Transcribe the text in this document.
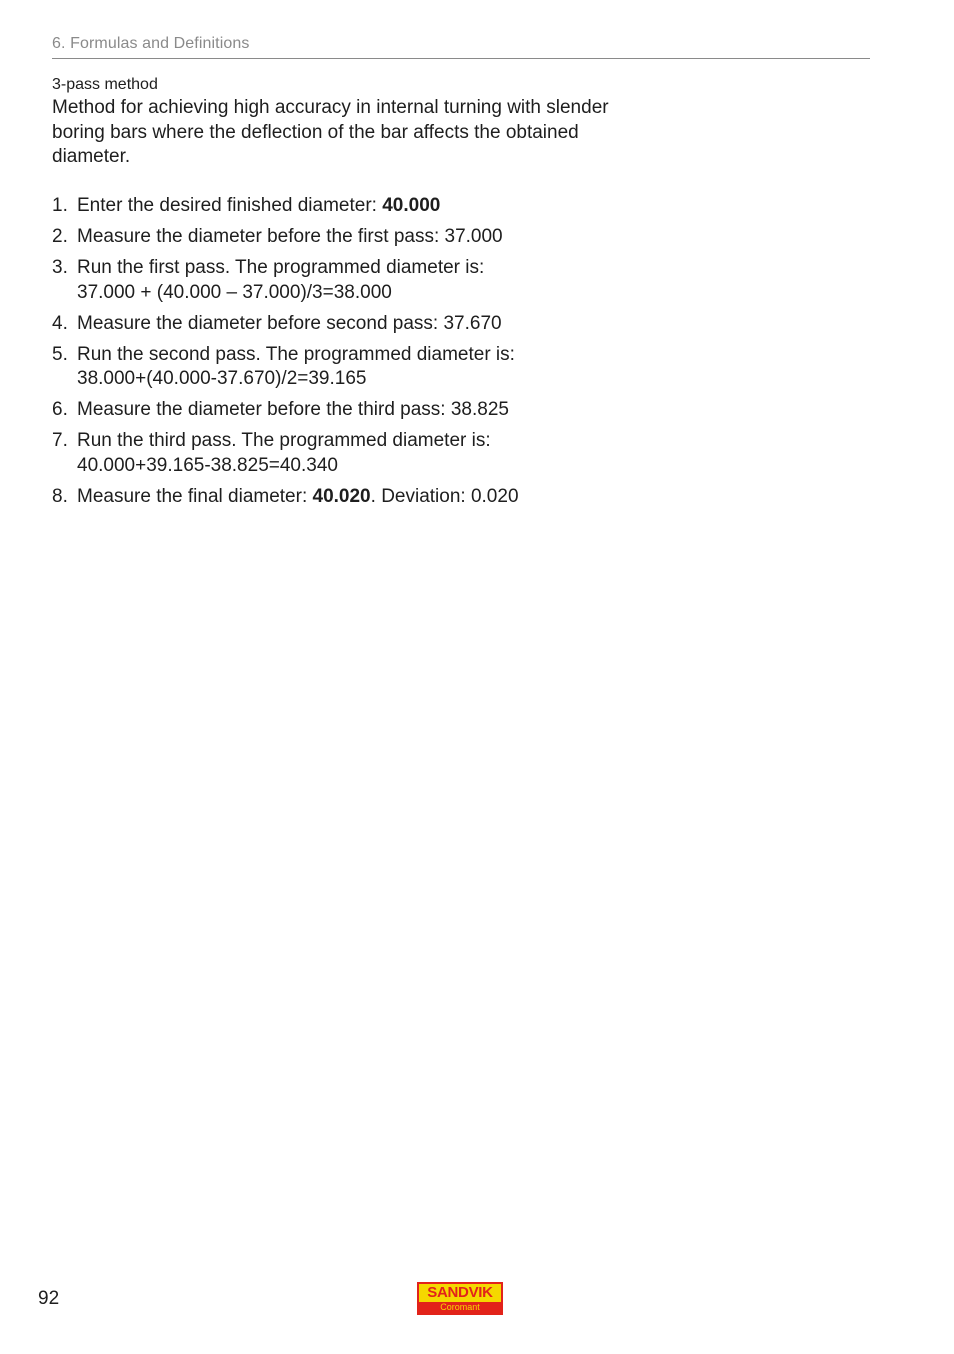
6. Formulas and Definitions
3-pass method

Method for achieving high accuracy in internal turning with slender boring bars where the deflection of the bar affects the obtained diameter.

1. Enter the desired finished diameter: 40.000
2. Measure the diameter before the first pass: 37.000
3. Run the first pass. The programmed diameter is:
37.000 + (40.000 – 37.000)/3=38.000
4. Measure the diameter before second pass: 37.670
5. Run the second pass. The programmed diameter is:
38.000+(40.000-37.670)/2=39.165
6. Measure the diameter before the third pass: 38.825
7. Run the third pass. The programmed diameter is:
40.000+39.165-38.825=40.340
8. Measure the final diameter: 40.020. Deviation: 0.020
92	SANDVIK
Coromant
